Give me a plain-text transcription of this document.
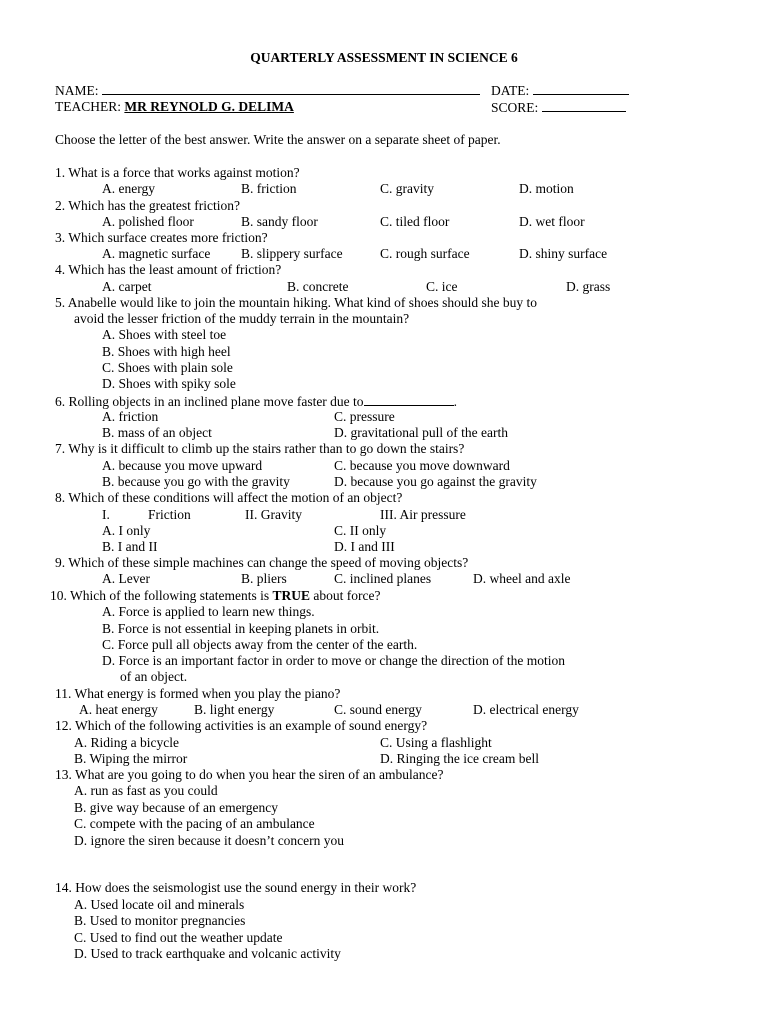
QUARTERLY ASSESSMENT IN SCIENCE 6
NAME:	DATE:
TEACHER: MR REYNOLD G. DELIMA	SCORE:
Choose the letter of the best answer. Write the answer on a separate sheet of paper.
1. What is a force that works against motion?
A. energy	B. friction	C. gravity	D. motion
2. Which has the greatest friction?
A. polished floor	B. sandy floor	C. tiled floor	D. wet floor
3. Which surface creates more friction?
A. magnetic surface B. slippery surface	C. rough surface	D. shiny surface
4. Which has the least amount of friction?
A. carpet	B. concrete	C. ice	D. grass
5. Anabelle would like to join the mountain hiking. What kind of shoes should she buy to
avoid the lesser friction of the muddy terrain in the mountain?
A. Shoes with steel toe
B. Shoes with high heel
C. Shoes with plain sole
D. Shoes with spiky sole
6. Rolling objects in an inclined plane move faster due to	.
A. friction	C. pressure
B. mass of an object	D. gravitational pull of the earth
7. Why is it difficult to climb up the stairs rather than to go down the stairs?
A. because you move upward	C. because you move downward
B. because you go with the gravity	D. because you go against the gravity
8. Which of these conditions will affect the motion of an object?
I.	Friction	II. Gravity	III. Air pressure
A. I only	C. II only
B. I and II	D. I and III
9. Which of these simple machines can change the speed of moving objects?
A. Lever	B. pliers	C. inclined planes	D. wheel and axle
10. Which of the following statements is TRUE about force?
A. Force is applied to learn new things.
B. Force is not essential in keeping planets in orbit.
C. Force pull all objects away from the center of the earth.
D. Force is an important factor in order to move or change the direction of the motion
of an object.
11. What energy is formed when you play the piano?
A. heat energy	B. light energy	C. sound energy	D. electrical energy
12. Which of the following activities is an example of sound energy?
A. Riding a bicycle	C. Using a flashlight
B. Wiping the mirror	D. Ringing the ice cream bell
13. What are you going to do when you hear the siren of an ambulance?
A. run as fast as you could
B. give way because of an emergency
C. compete with the pacing of an ambulance
D. ignore the siren because it doesn’t concern you
14. How does the seismologist use the sound energy in their work?
A. Used locate oil and minerals
B. Used to monitor pregnancies
C. Used to find out the weather update
D. Used to track earthquake and volcanic activity
